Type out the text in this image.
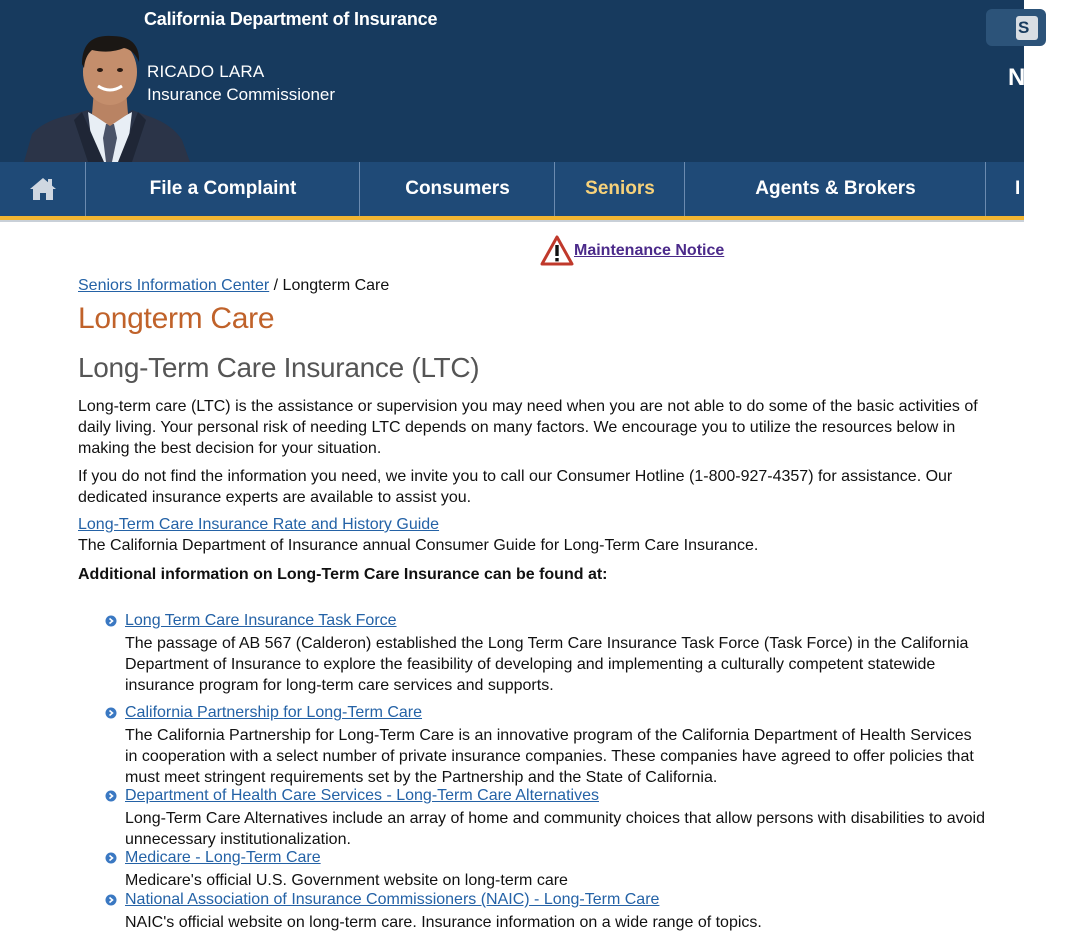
California Department of Insurance
RICADO LARA
Insurance Commissioner
S
N
File a Complaint	Consumers	Seniors	Agents & Brokers	I
Maintenance Notice
Seniors Information Center / Longterm Care
Longterm Care
Long-Term Care Insurance (LTC)

Long-term care (LTC) is the assistance or supervision you may need when you are not able to do some of the basic activities of daily living. Your personal risk of needing LTC depends on many factors. We encourage you to utilize the resources below in making the best decision for your situation.

If you do not find the information you need, we invite you to call our Consumer Hotline (1-800-927-4357) for assistance. Our dedicated insurance experts are available to assist you.

Long-Term Care Insurance Rate and History Guide
The California Department of Insurance annual Consumer Guide for Long-Term Care Insurance.
Additional information on Long-Term Care Insurance can be found at:
Long Term Care Insurance Task Force

The passage of AB 567 (Calderon) established the Long Term Care Insurance Task Force (Task Force) in the California Department of Insurance to explore the feasibility of developing and implementing a culturally competent statewide insurance program for long-term care services and supports.

California Partnership for Long-Term Care

The California Partnership for Long-Term Care is an innovative program of the California Department of Health Services in cooperation with a select number of private insurance companies. These companies have agreed to offer policies that must meet stringent requirements set by the Partnership and the State of California.

Department of Health Care Services - Long-Term Care Alternatives

Long-Term Care Alternatives include an array of home and community choices that allow persons with disabilities to avoid unnecessary institutionalization.

Medicare - Long-Term Care

Medicare's official U.S. Government website on long-term care

National Association of Insurance Commissioners (NAIC) - Long-Term Care

NAIC's official website on long-term care. Insurance information on a wide range of topics.
